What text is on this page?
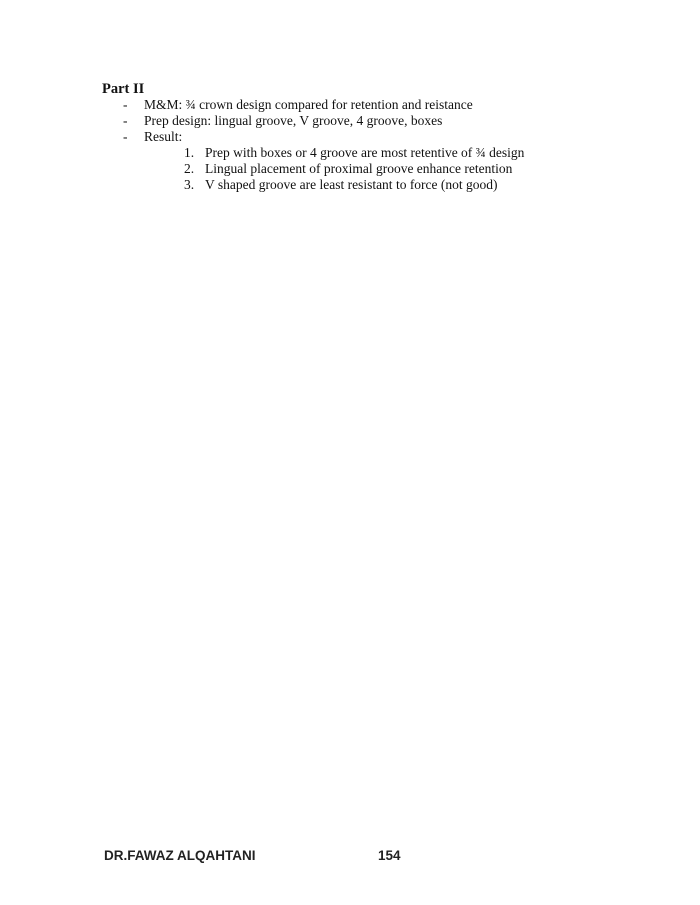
Part II

- M&M: ¾ crown design compared for retention and reistance
- Prep design: lingual groove, V groove, 4 groove, boxes
- Result:
1. Prep with boxes or 4 groove are most retentive of ¾ design
2. Lingual placement of proximal groove enhance retention
3. V shaped groove are least resistant to force (not good)
DR.FAWAZ ALQAHTANI	154
